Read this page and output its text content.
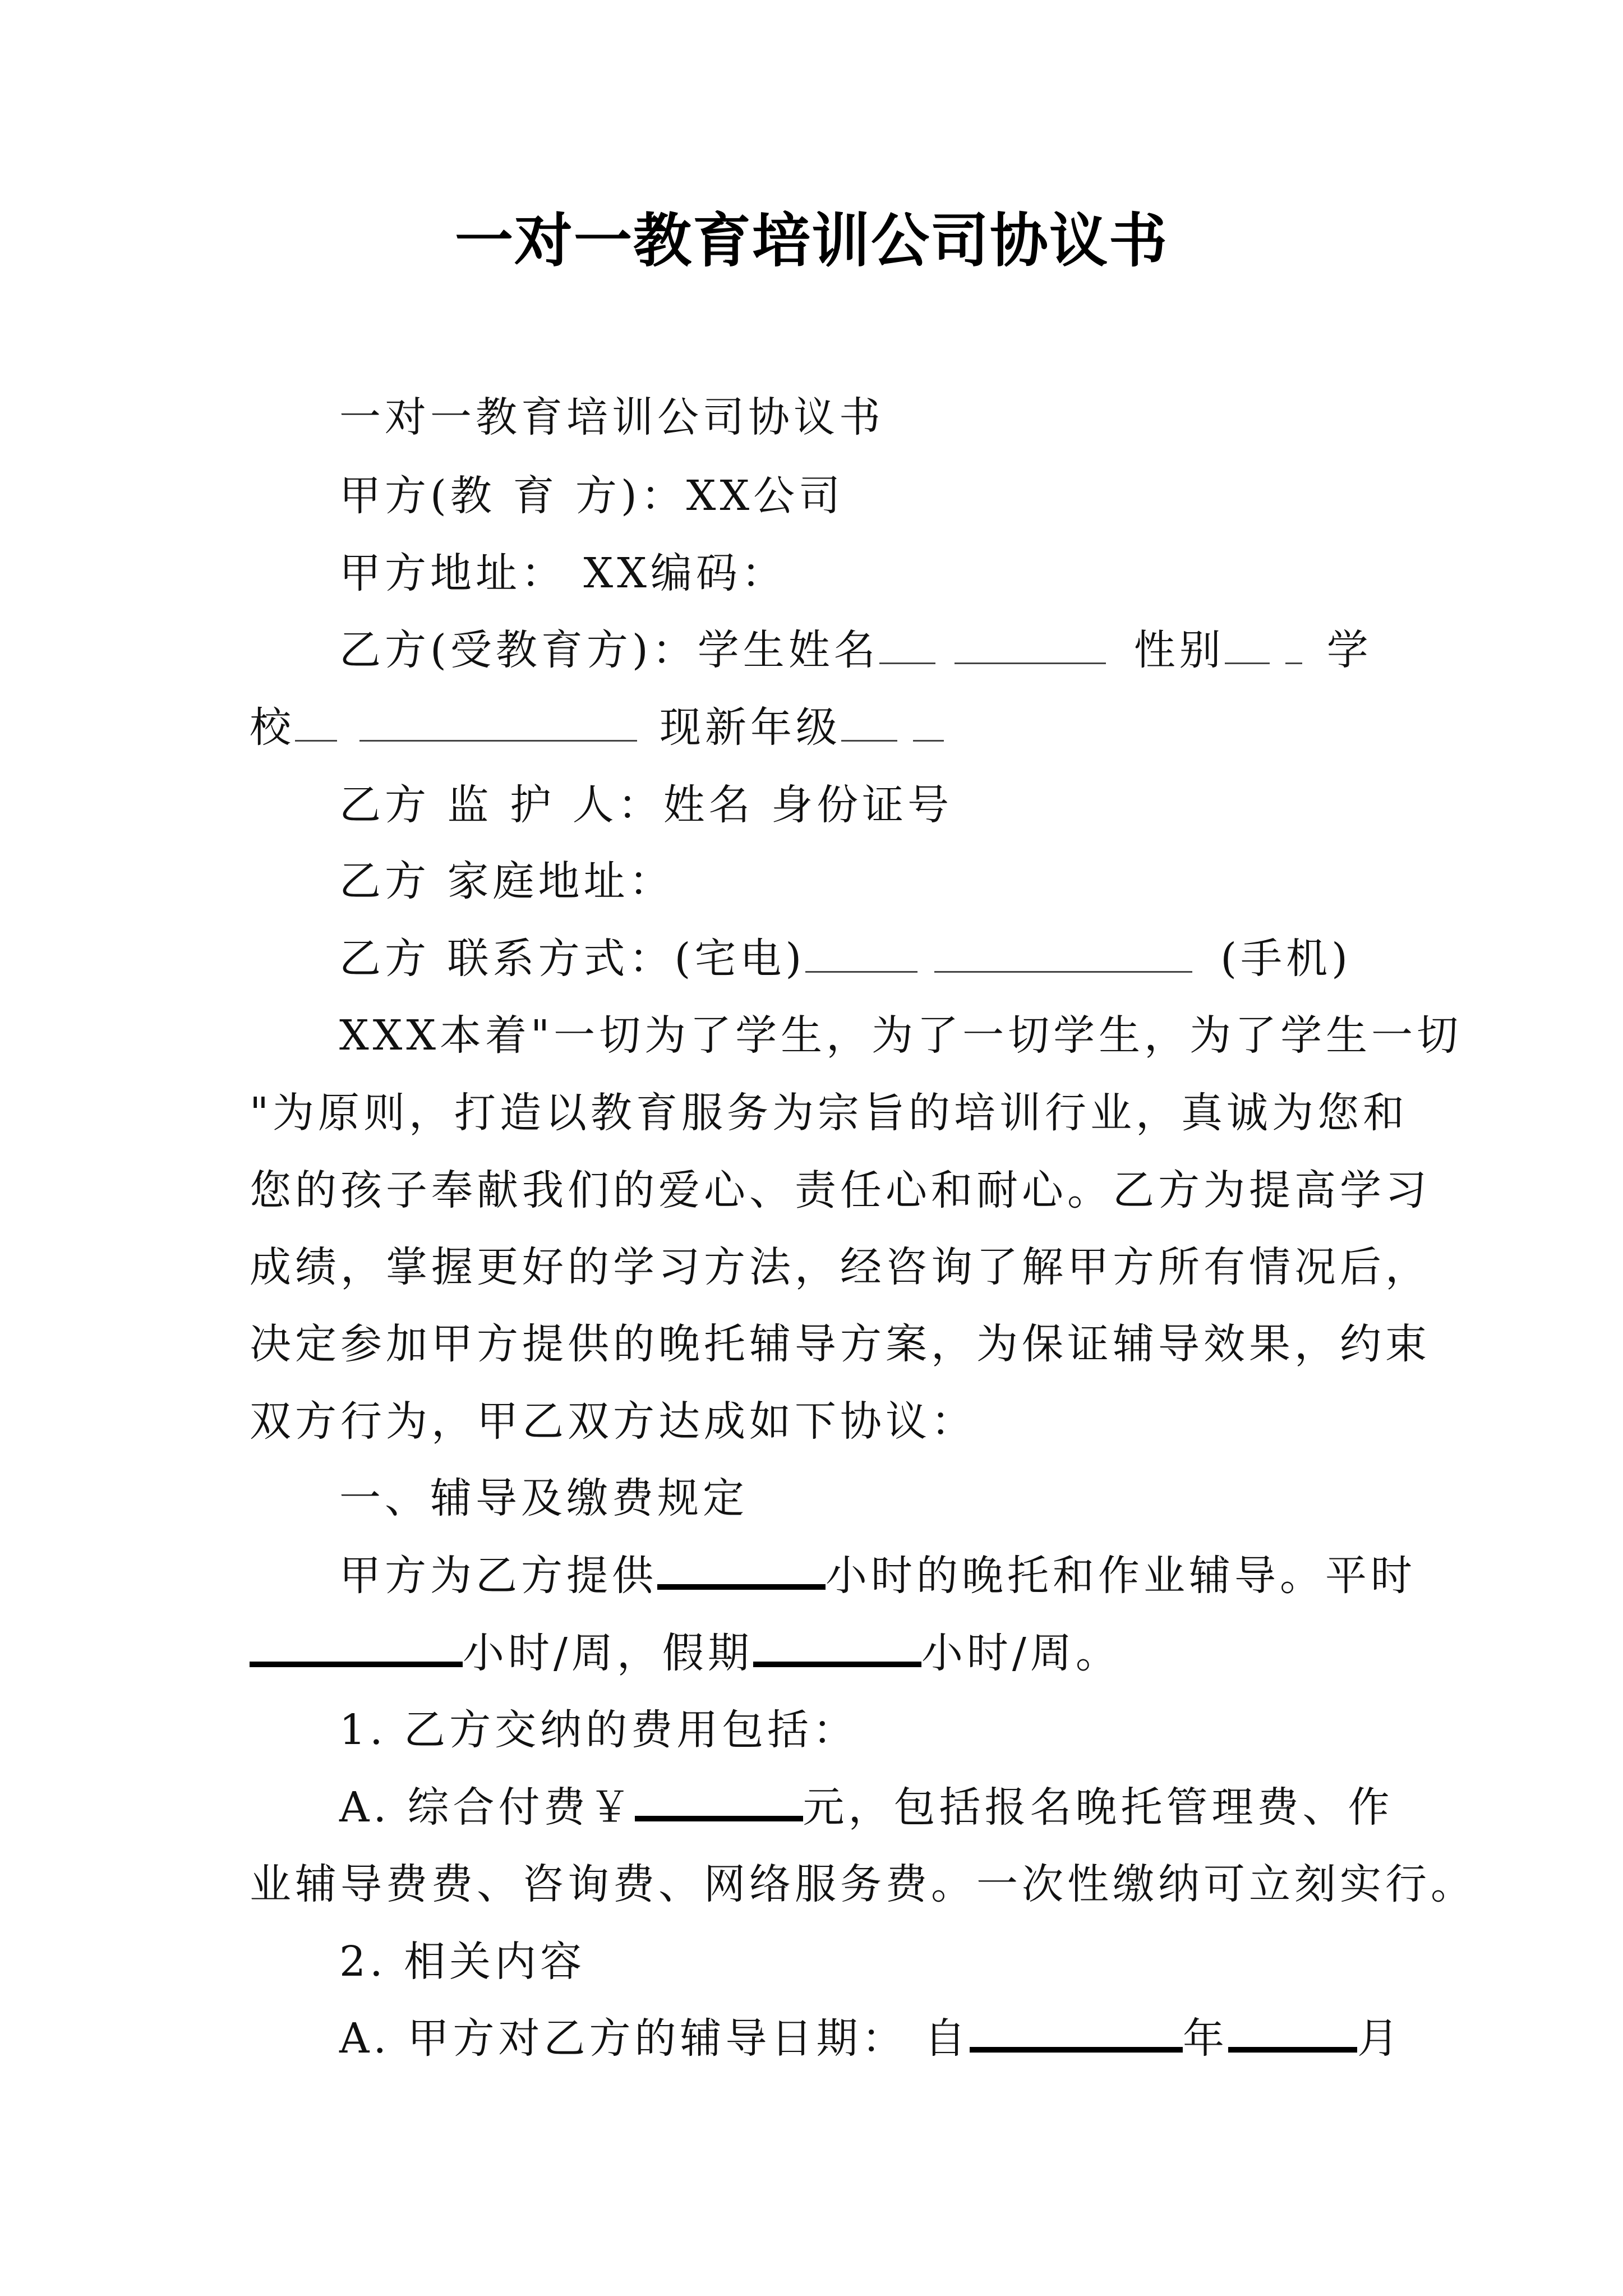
一对一教育培训公司协议书
一对一教育培训公司协议书
甲方(教 育 方)：XX公司
甲方地址： XX编码：
乙方(受教育方)：学生姓名	性别 学
校	现新年级
乙方 监 护 人：姓名 身份证号
乙方 家庭地址：
乙方 联系方式：(宅电)	(手机)
XXX本着"一切为了学生，为了一切学生，为了学生一切
"为原则，打造以教育服务为宗旨的培训行业，真诚为您和
您的孩子奉献我们的爱心、责任心和耐心。乙方为提高学习
成绩，掌握更好的学习方法，经咨询了解甲方所有情况后，
决定参加甲方提供的晚托辅导方案，为保证辅导效果，约束
双方行为，甲乙双方达成如下协议：
一、辅导及缴费规定
甲方为乙方提供	小时的晚托和作业辅导。平时
小时/周，假期	小时/周。
1. 乙方交纳的费用包括：
A. 综合付费￥	元，包括报名晚托管理费、作
业辅导费费、咨询费、网络服务费。一次性缴纳可立刻实行。
2. 相关内容
A. 甲方对乙方的辅导日期： 自	年	月
